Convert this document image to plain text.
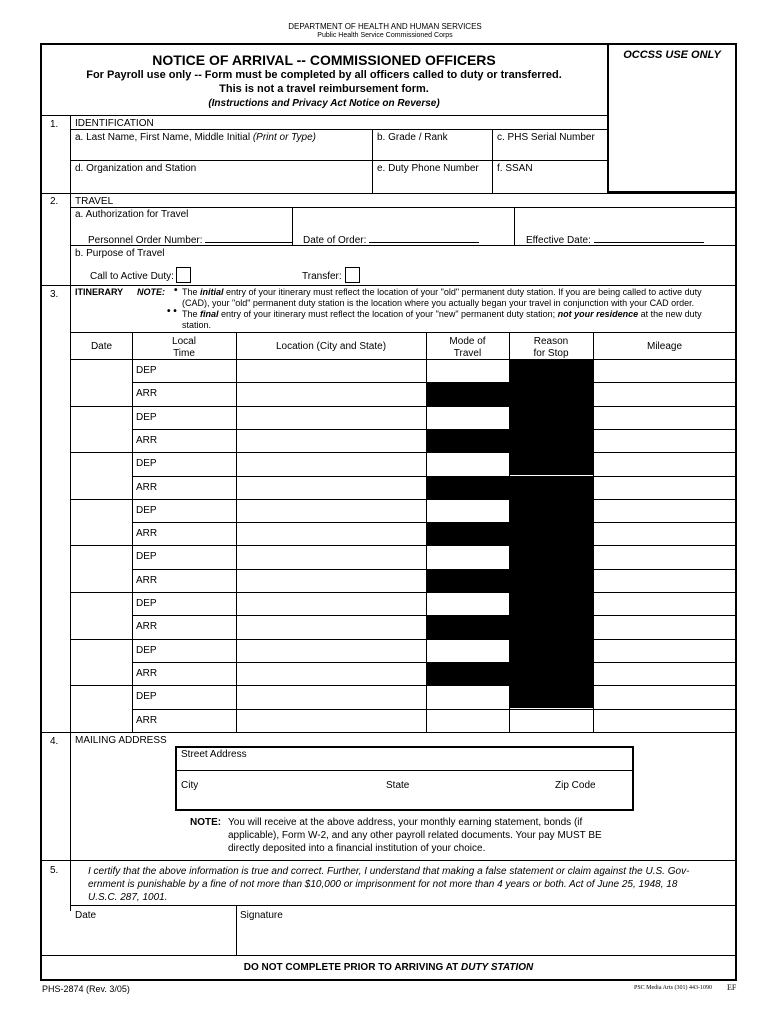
DEPARTMENT OF HEALTH AND HUMAN SERVICES
Public Health Service Commissioned Corps
NOTICE OF ARRIVAL -- COMMISSIONED OFFICERS
For Payroll use only -- Form must be completed by all officers called to duty or transferred.
This is not a travel reimbursement form.
(Instructions and Privacy Act Notice on Reverse)
OCCSS USE ONLY
1. IDENTIFICATION
a. Last Name, First Name, Middle Initial (Print or Type)	b. Grade / Rank	c. PHS Serial Number
d. Organization and Station	e. Duty Phone Number f. SSAN
2. TRAVEL
a. Authorization for Travel
Personnel Order Number:	Date of Order:	Effective Date:
b. Purpose of Travel
Call to Active Duty:	Transfer:
3. ITINERARY NOTE: •
• •
The initial entry of your itinerary must reflect the location of your "old" permanent duty station. If you are being called to active duty
(CAD), your "old" permanent duty station is the location where you actually began your travel in conjunction with your CAD order.
The final entry of your itinerary must reflect the location of your "new" permanent duty station; not your residence at the new duty
station.
Date	Local
Time
Location (City and State)	Mode of
Travel
Reason
for Stop
Mileage
DEP
ARR
DEP
ARR
DEP
ARR
DEP
ARR
DEP
ARR
DEP
ARR
DEP
ARR
DEP
ARR
4. MAILING ADDRESS
Street Address
City	State	Zip Code
NOTE: You will receive at the above address, your monthly earning statement, bonds (if
applicable), Form W-2, and any other payroll related documents. Your pay MUST BE
directly deposited into a financial institution of your choice.
5.	I certify that the above information is true and correct. Further, I understand that making a false statement or claim against the U.S. Gov-
ernment is punishable by a fine of not more than $10,000 or imprisonment for not more than 4 years or both. Act of June 25, 1948, 18
U.S.C. 287, 1001.
Date	Signature
DO NOT COMPLETE PRIOR TO ARRIVING AT DUTY STATION
PHS-2874 (Rev. 3/05)	PSC Media Arts (301) 443-1090 EF
